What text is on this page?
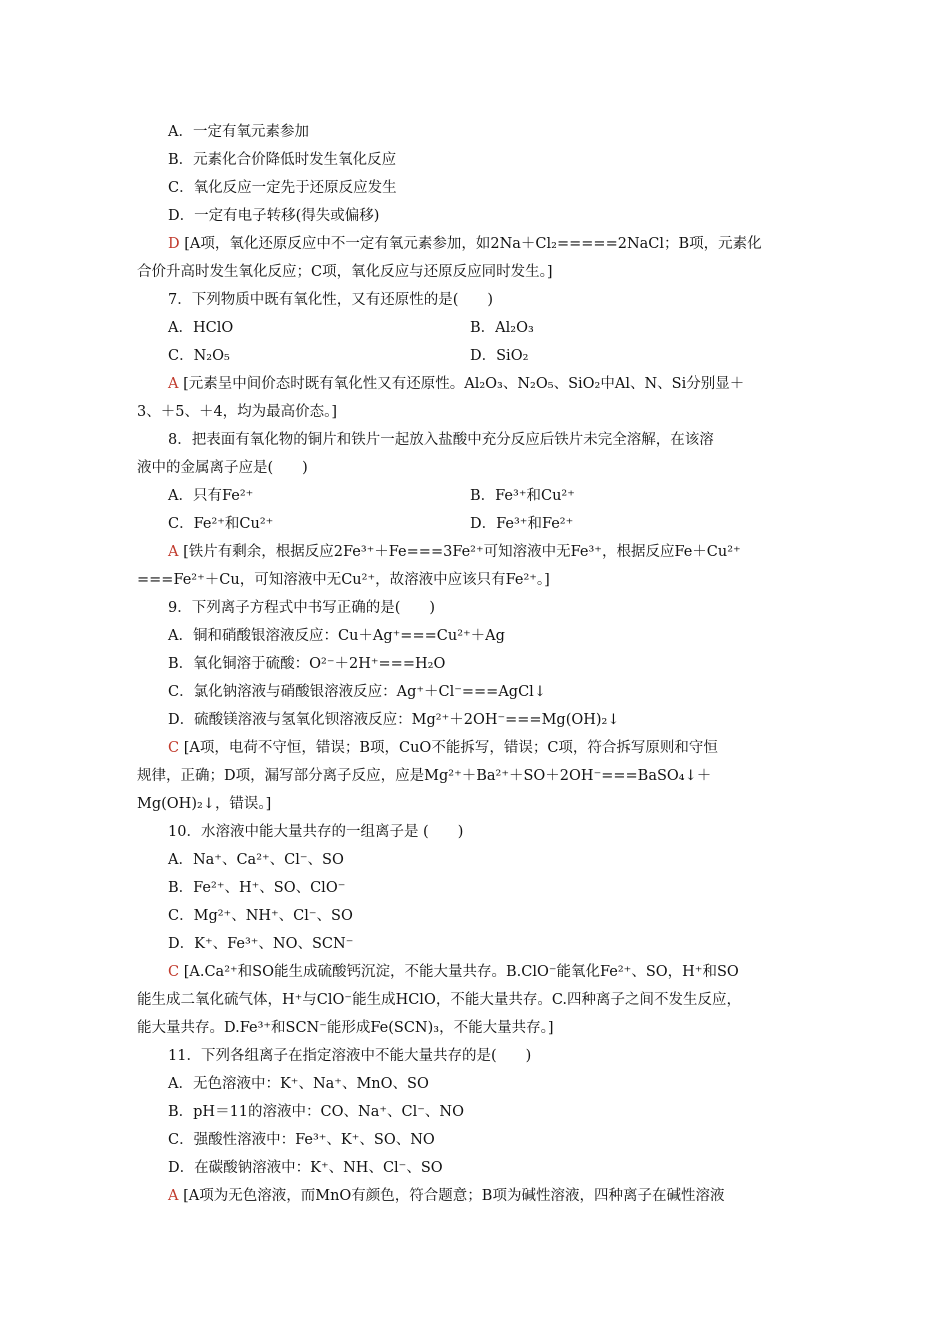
A．一定有氧元素参加
B．元素化合价降低时发生氧化反应
C．氧化反应一定先于还原反应发生
D．一定有电子转移(得失或偏移)
D [A项，氧化还原反应中不一定有氧元素参加，如2Na＋Cl₂=====2NaCl；B项，元素化
合价升高时发生氧化反应；C项，氧化反应与还原反应同时发生。]
7．下列物质中既有氧化性，又有还原性的是(　　)
A．HClO	B．Al₂O₃
C．N₂O₅	D．SiO₂
A [元素呈中间价态时既有氧化性又有还原性。Al₂O₃、N₂O₅、SiO₂中Al、N、Si分别显＋
3、＋5、＋4，均为最高价态。]
8．把表面有氧化物的铜片和铁片一起放入盐酸中充分反应后铁片未完全溶解，在该溶
液中的金属离子应是(　　)
A．只有Fe²⁺	B．Fe³⁺和Cu²⁺
C．Fe²⁺和Cu²⁺	D．Fe³⁺和Fe²⁺
A [铁片有剩余，根据反应2Fe³⁺＋Fe===3Fe²⁺可知溶液中无Fe³⁺，根据反应Fe＋Cu²⁺
===Fe²⁺＋Cu，可知溶液中无Cu²⁺，故溶液中应该只有Fe²⁺。]
9．下列离子方程式中书写正确的是(　　)
A．铜和硝酸银溶液反应：Cu＋Ag⁺===Cu²⁺＋Ag
B．氧化铜溶于硫酸：O²⁻＋2H⁺===H₂O
C．氯化钠溶液与硝酸银溶液反应：Ag⁺＋Cl⁻===AgCl↓
D．硫酸镁溶液与氢氧化钡溶液反应：Mg²⁺＋2OH⁻===Mg(OH)₂↓
C [A项，电荷不守恒，错误；B项，CuO不能拆写，错误；C项，符合拆写原则和守恒
规律，正确；D项，漏写部分离子反应，应是Mg²⁺＋Ba²⁺＋SO＋2OH⁻===BaSO₄↓＋
Mg(OH)₂↓，错误。]
10．水溶液中能大量共存的一组离子是 (　　)
A．Na⁺、Ca²⁺、Cl⁻、SO
B．Fe²⁺、H⁺、SO、ClO⁻
C．Mg²⁺、NH⁺、Cl⁻、SO
D．K⁺、Fe³⁺、NO、SCN⁻
C [A.Ca²⁺和SO能生成硫酸钙沉淀，不能大量共存。B.ClO⁻能氧化Fe²⁺、SO，H⁺和SO
能生成二氧化硫气体，H⁺与ClO⁻能生成HClO，不能大量共存。C.四种离子之间不发生反应，
能大量共存。D.Fe³⁺和SCN⁻能形成Fe(SCN)₃，不能大量共存。]
11．下列各组离子在指定溶液中不能大量共存的是(　　)
A．无色溶液中：K⁺、Na⁺、MnO、SO
B．pH＝11的溶液中：CO、Na⁺、Cl⁻、NO
C．强酸性溶液中：Fe³⁺、K⁺、SO、NO
D．在碳酸钠溶液中：K⁺、NH、Cl⁻、SO
A [A项为无色溶液，而MnO有颜色，符合题意；B项为碱性溶液，四种离子在碱性溶液
